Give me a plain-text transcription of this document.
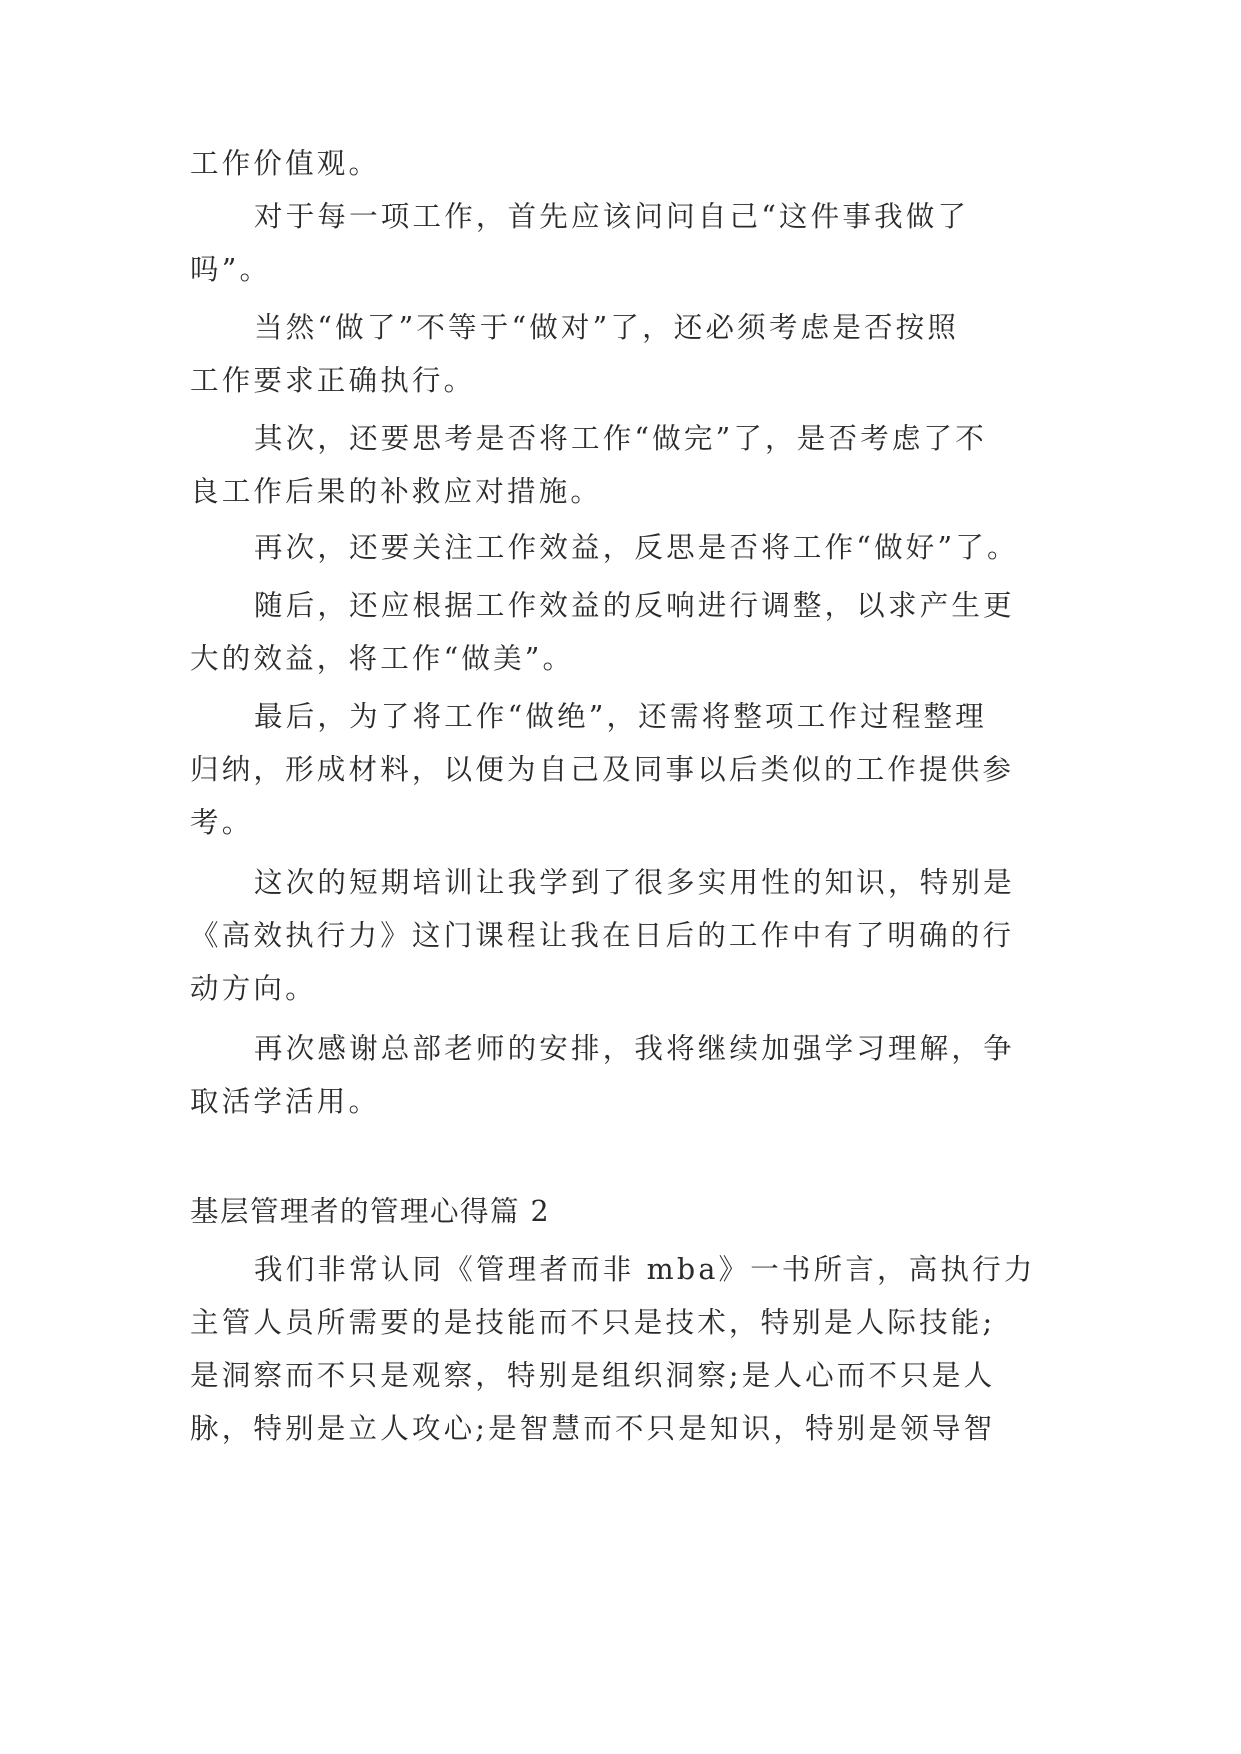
工作价值观。
对于每一项工作，首先应该问问自己“这件事我做了
吗”。
当然“做了”不等于“做对”了，还必须考虑是否按照
工作要求正确执行。
其次，还要思考是否将工作“做完”了，是否考虑了不
良工作后果的补救应对措施。
再次，还要关注工作效益，反思是否将工作“做好”了。
随后，还应根据工作效益的反响进行调整，以求产生更
大的效益，将工作“做美”。
最后，为了将工作“做绝”，还需将整项工作过程整理
归纳，形成材料，以便为自己及同事以后类似的工作提供参
考。
这次的短期培训让我学到了很多实用性的知识，特别是
《高效执行力》这门课程让我在日后的工作中有了明确的行
动方向。
再次感谢总部老师的安排，我将继续加强学习理解，争
取活学活用。
基层管理者的管理心得篇 2
我们非常认同《管理者而非 mba》一书所言，高执行力
主管人员所需要的是技能而不只是技术，特别是人际技能;
是洞察而不只是观察，特别是组织洞察;是人心而不只是人
脉，特别是立人攻心;是智慧而不只是知识，特别是领导智
